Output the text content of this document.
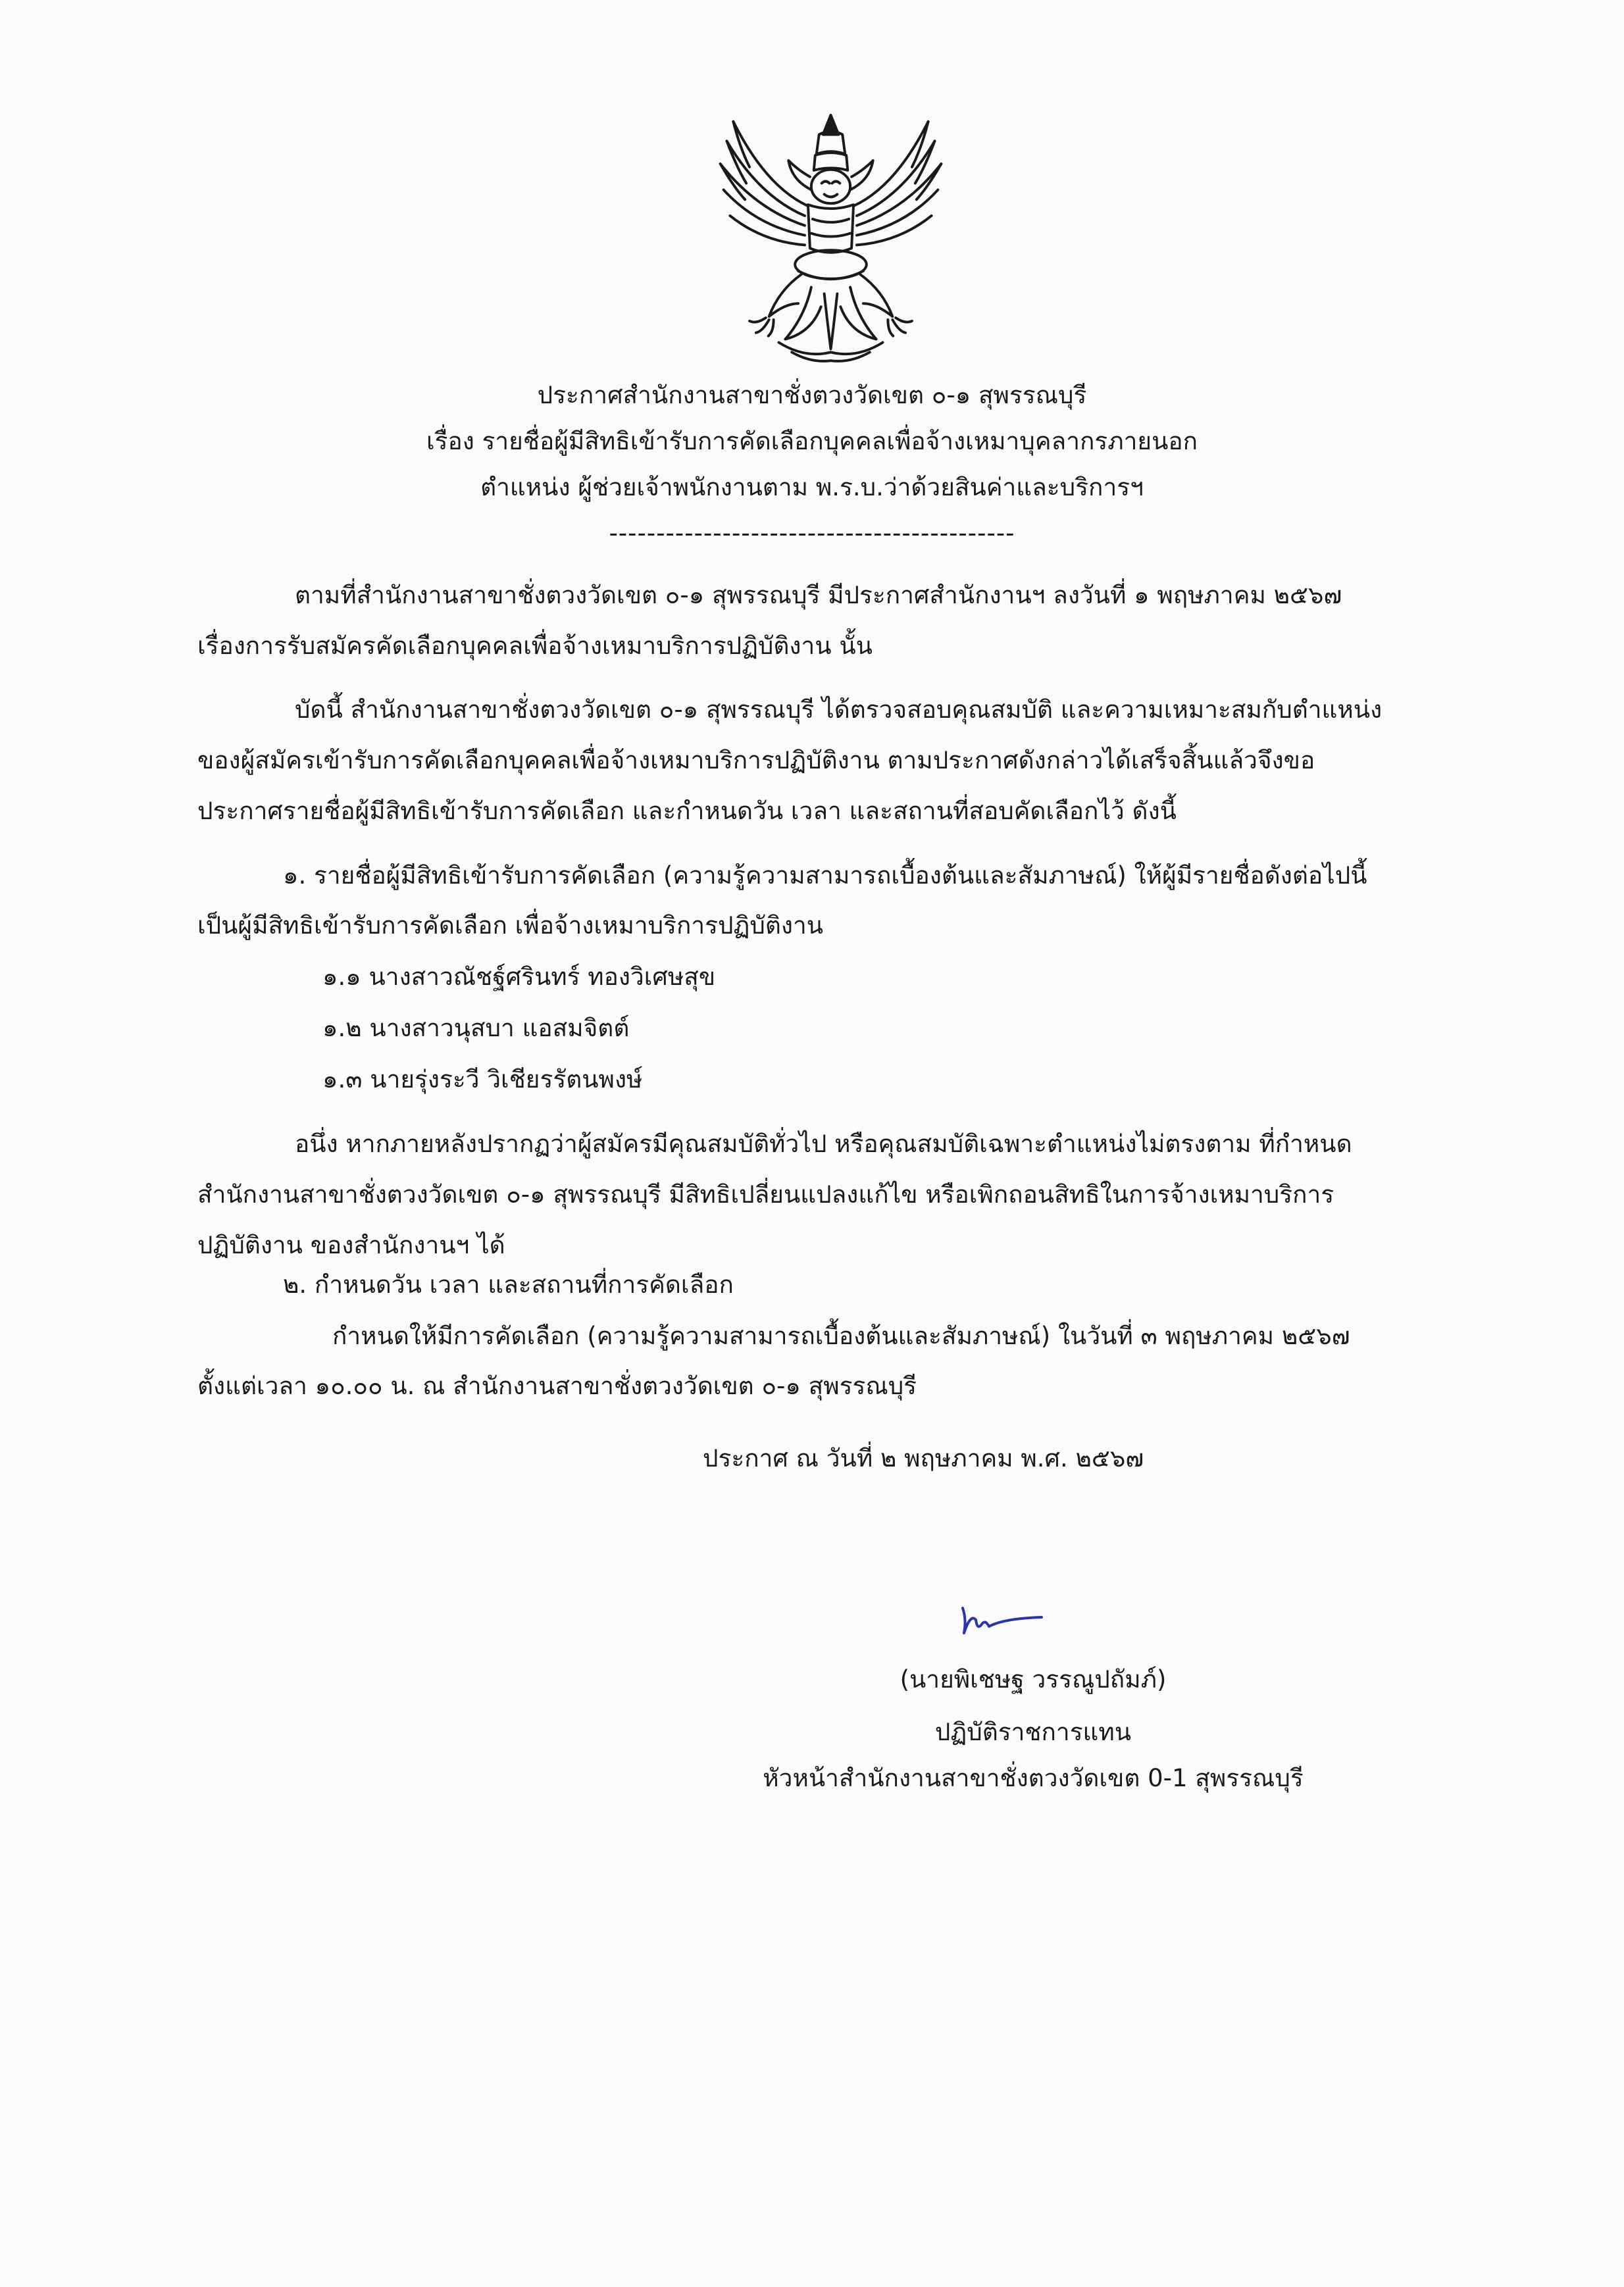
ประกาศสำนักงานสาขาชั่งตวงวัดเขต ๐-๑ สุพรรณบุรี
เรื่อง รายชื่อผู้มีสิทธิเข้ารับการคัดเลือกบุคคลเพื่อจ้างเหมาบุคลากรภายนอก
ตำแหน่ง ผู้ช่วยเจ้าพนักงานตาม พ.ร.บ.ว่าด้วยสินค่าและบริการฯ
-------------------------------------------
ตามที่สำนักงานสาขาชั่งตวงวัดเขต ๐-๑ สุพรรณบุรี มีประกาศสำนักงานฯ ลงวันที่ ๑ พฤษภาคม ๒๕๖๗
เรื่องการรับสมัครคัดเลือกบุคคลเพื่อจ้างเหมาบริการปฏิบัติงาน นั้น
บัดนี้ สำนักงานสาขาชั่งตวงวัดเขต ๐-๑ สุพรรณบุรี ได้ตรวจสอบคุณสมบัติ และความเหมาะสมกับตำแหน่ง
ของผู้สมัครเข้ารับการคัดเลือกบุคคลเพื่อจ้างเหมาบริการปฏิบัติงาน ตามประกาศดังกล่าวได้เสร็จสิ้นแล้วจึงขอ
ประกาศรายชื่อผู้มีสิทธิเข้ารับการคัดเลือก และกำหนดวัน เวลา และสถานที่สอบคัดเลือกไว้ ดังนี้
๑. รายชื่อผู้มีสิทธิเข้ารับการคัดเลือก (ความรู้ความสามารถเบื้องต้นและสัมภาษณ์) ให้ผู้มีรายชื่อดังต่อไปนี้
เป็นผู้มีสิทธิเข้ารับการคัดเลือก เพื่อจ้างเหมาบริการปฏิบัติงาน
๑.๑ นางสาวณัชฐ์ศรินทร์ ทองวิเศษสุข
๑.๒ นางสาวนุสบา แอสมจิตต์
๑.๓ นายรุ่งระวี วิเชียรรัตนพงษ์
อนึ่ง หากภายหลังปรากฏว่าผู้สมัครมีคุณสมบัติทั่วไป หรือคุณสมบัติเฉพาะตำแหน่งไม่ตรงตาม ที่กำหนด
สำนักงานสาขาชั่งตวงวัดเขต ๐-๑ สุพรรณบุรี มีสิทธิเปลี่ยนแปลงแก้ไข หรือเพิกถอนสิทธิในการจ้างเหมาบริการ
ปฏิบัติงาน ของสำนักงานฯ ได้
๒. กำหนดวัน เวลา และสถานที่การคัดเลือก
กำหนดให้มีการคัดเลือก (ความรู้ความสามารถเบื้องต้นและสัมภาษณ์) ในวันที่ ๓ พฤษภาคม ๒๕๖๗
ตั้งแต่เวลา ๑๐.๐๐ น. ณ สำนักงานสาขาชั่งตวงวัดเขต ๐-๑ สุพรรณบุรี
ประกาศ ณ วันที่ ๒ พฤษภาคม พ.ศ. ๒๕๖๗
(นายพิเชษฐ วรรณูปถัมภ์)
ปฏิบัติราชการแทน
หัวหน้าสำนักงานสาขาชั่งตวงวัดเขต 0-1 สุพรรณบุรี
